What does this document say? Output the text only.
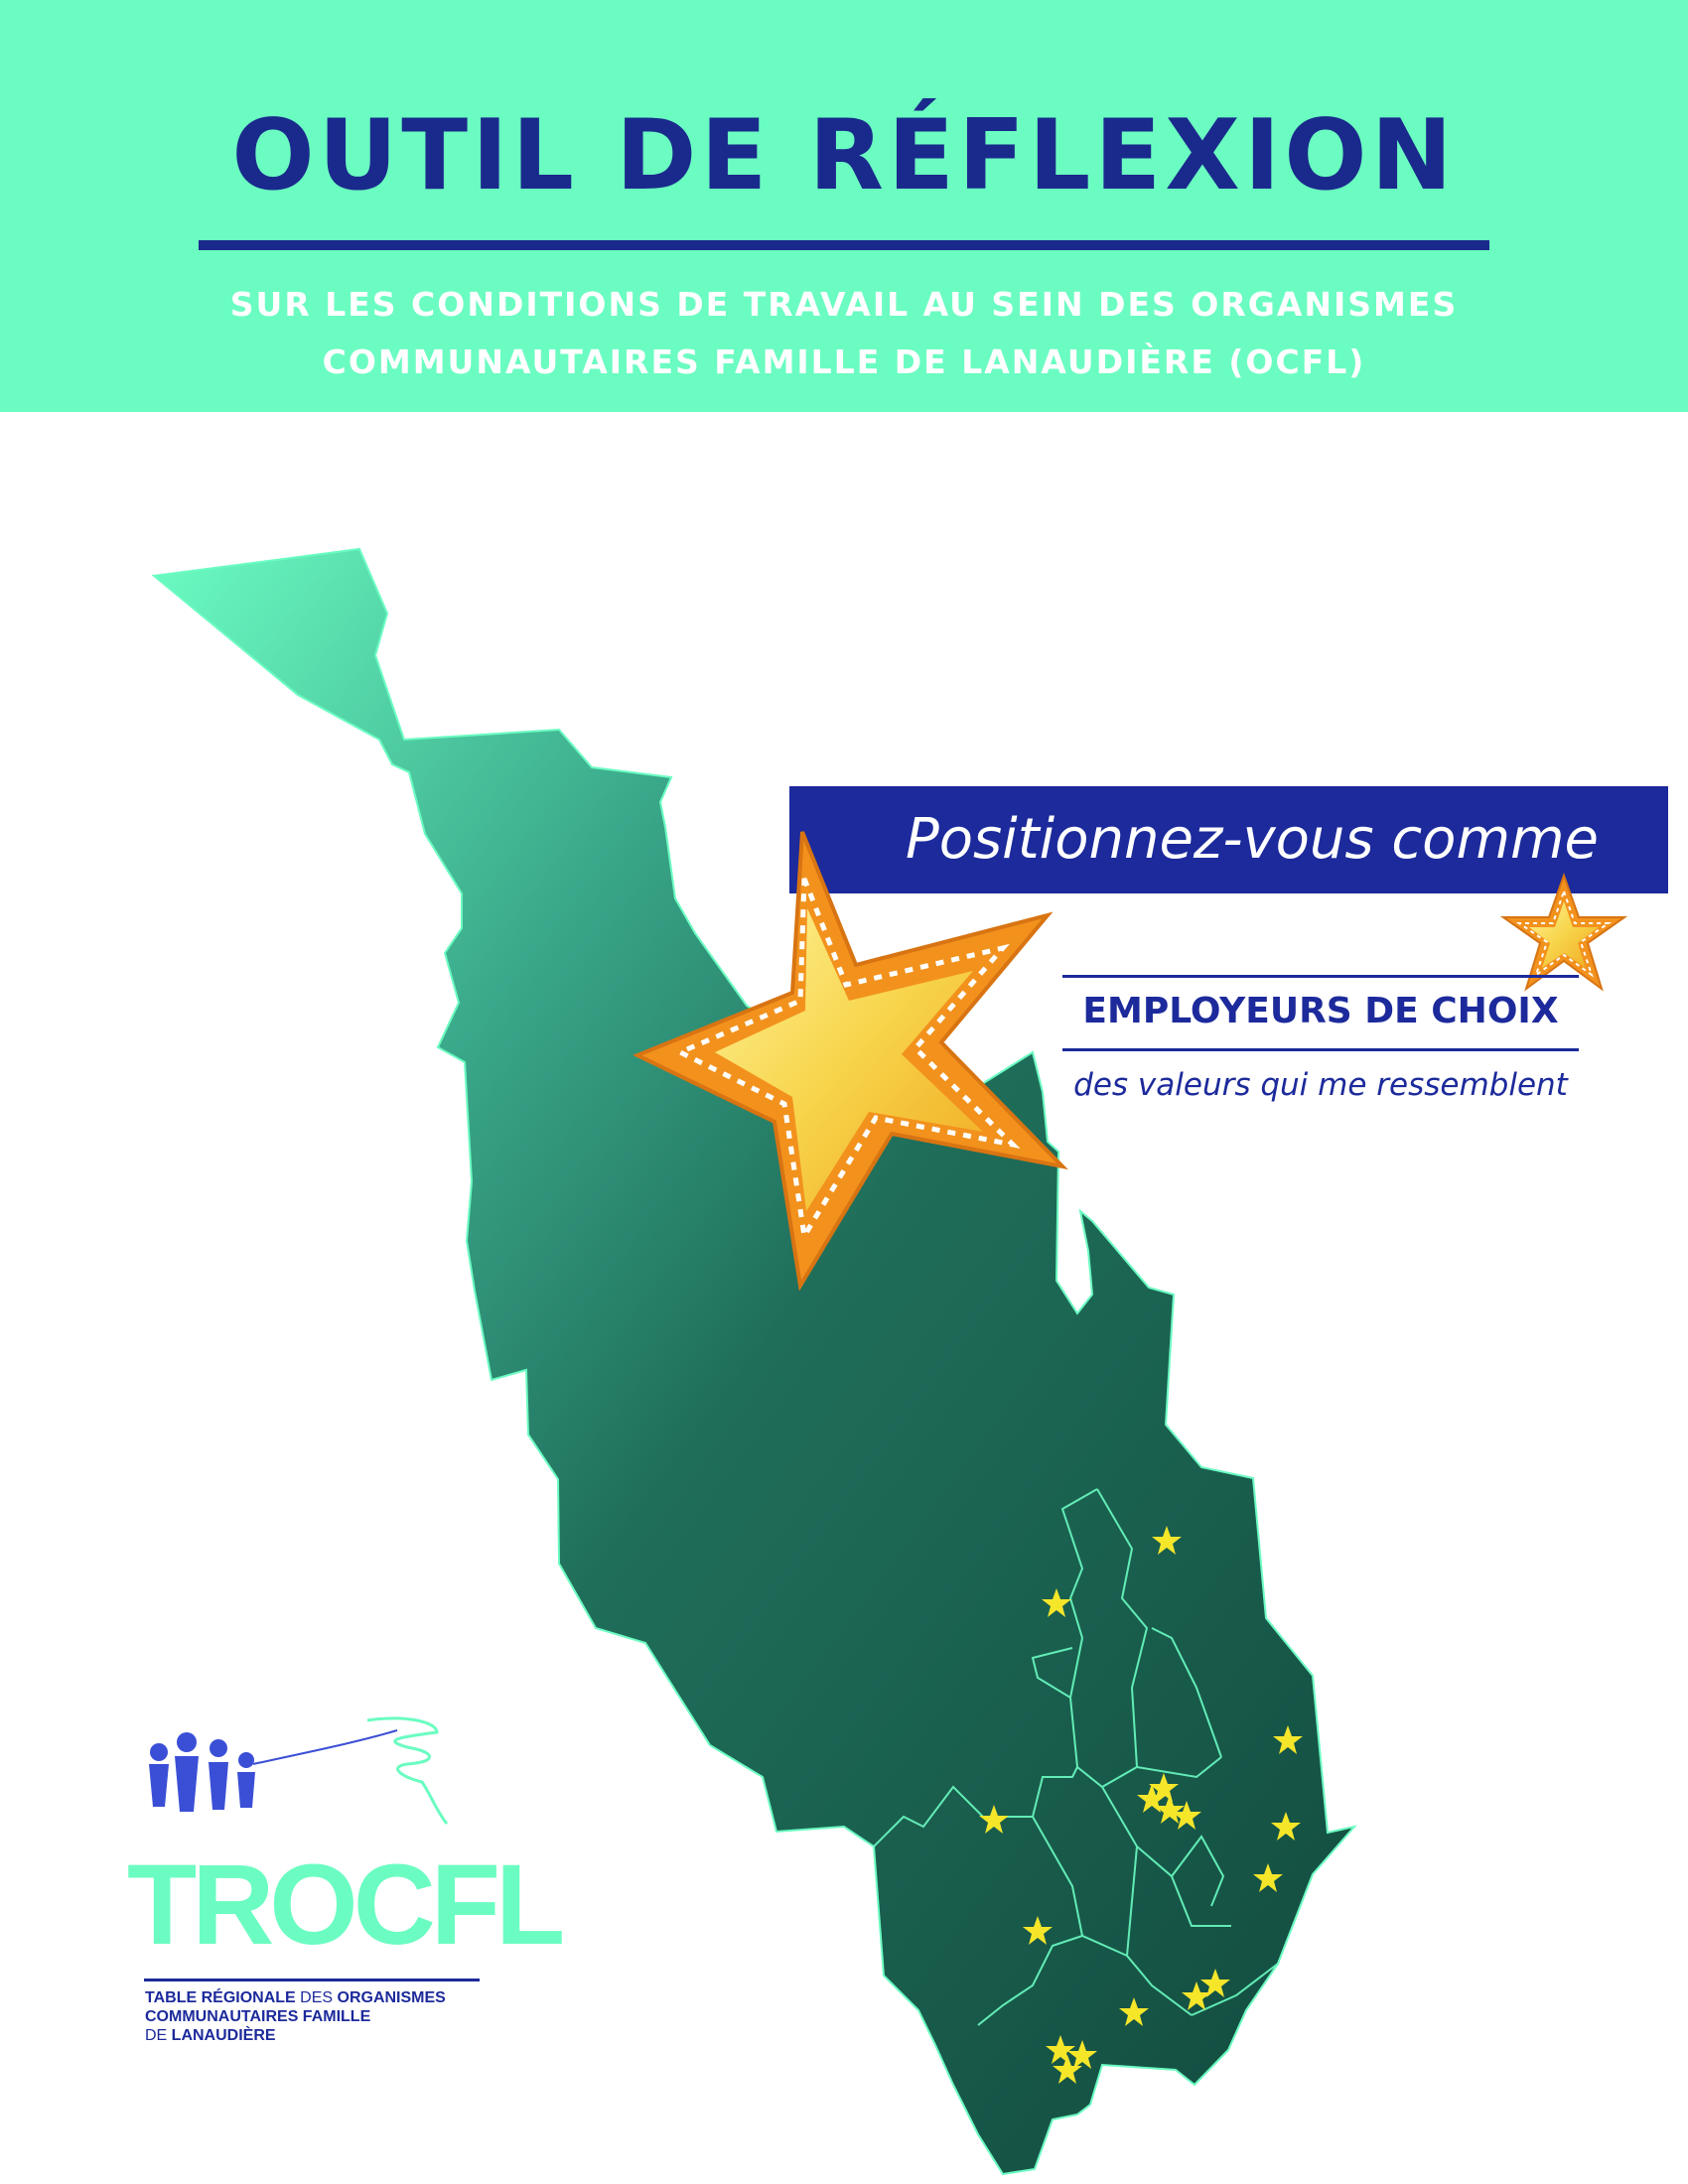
OUTIL DE RÉFLEXION
SUR LES CONDITIONS DE TRAVAIL AU SEIN DES ORGANISMES
COMMUNAUTAIRES FAMILLE DE LANAUDIÈRE (OCFL)
Positionnez-vous comme
EMPLOYEURS DE CHOIX
des valeurs qui me ressemblent
TROCFL
TABLE RÉGIONALE DES ORGANISMES
COMMUNAUTAIRES FAMILLE
DE LANAUDIÈRE
